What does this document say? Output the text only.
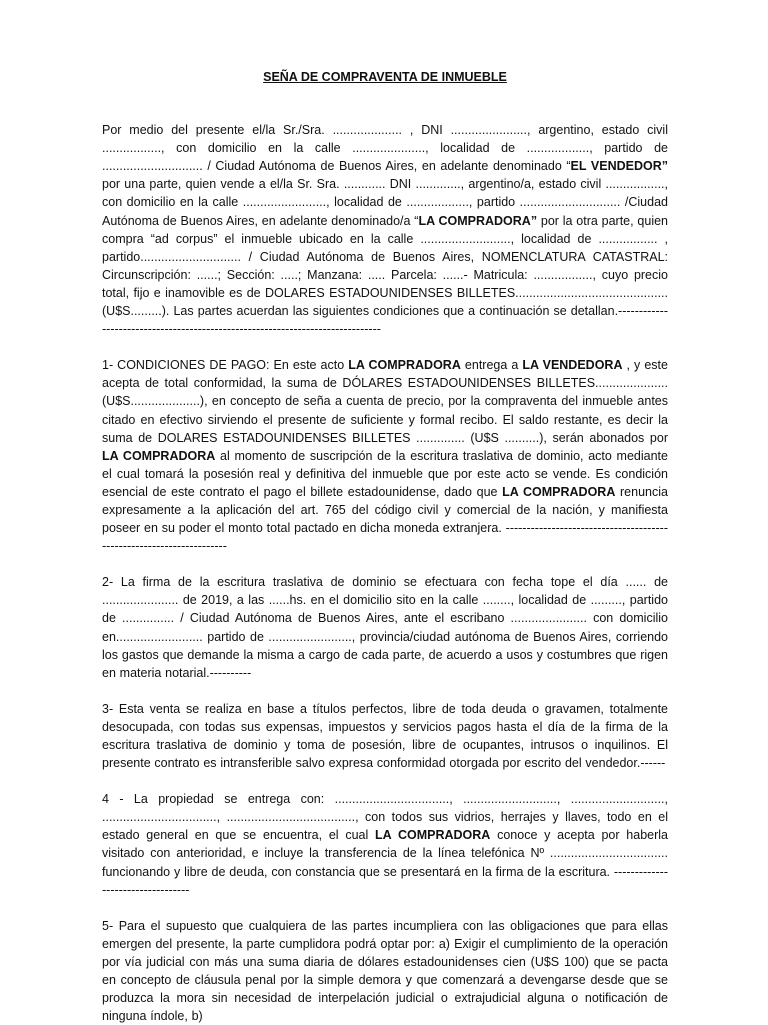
SEÑA DE COMPRAVENTA DE INMUEBLE
Por medio del presente el/la Sr./Sra. .................... , DNI ......................, argentino, estado civil ................., con domicilio en la calle ....................., localidad de .................., partido de ............................. / Ciudad Autónoma de Buenos Aires, en adelante denominado “EL VENDEDOR” por una parte, quien vende a el/la Sr. Sra. ............ DNI ............., argentino/a, estado civil ................., con domicilio en la calle ........................, localidad de .................., partido ............................. /Ciudad Autónoma de Buenos Aires, en adelante denominado/a “LA COMPRADORA” por la otra parte, quien compra “ad corpus” el inmueble ubicado en la calle .........................., localidad de ................. , partido............................. / Ciudad Autónoma de Buenos Aires, NOMENCLATURA CATASTRAL: Circunscripción: ......; Sección: .....; Manzana: ..... Parcela: ......- Matricula: ................., cuyo precio total, fijo e inamovible es de DOLARES ESTADOUNIDENSES BILLETES............................................ (U$S.........). Las partes acuerdan las siguientes condiciones que a continuación se detallan.-------------------------------------------------------------------------------
1- CONDICIONES DE PAGO: En este acto LA COMPRADORA entrega a LA VENDEDORA , y este acepta de total conformidad, la suma de DÓLARES ESTADOUNIDENSES BILLETES..................... (U$S....................), en concepto de seña a cuenta de precio, por la compraventa del inmueble antes citado en efectivo sirviendo el presente de suficiente y formal recibo. El saldo restante, es decir la suma de DOLARES ESTADOUNIDENSES BILLETES .............. (U$S ..........), serán abonados por LA COMPRADORA al momento de suscripción de la escritura traslativa de dominio, acto mediante el cual tomará la posesión real y definitiva del inmueble que por este acto se vende. Es condición esencial de este contrato el pago el billete estadounidense, dado que LA COMPRADORA renuncia expresamente a la aplicación del art. 765 del código civil y comercial de la nación, y manifiesta poseer en su poder el monto total pactado en dicha moneda extranjera. ---------------------------------------------------------------------
2- La firma de la escritura traslativa de dominio se efectuara con fecha tope el día ...... de ...................... de 2019, a las ......hs. en el domicilio sito en la calle ........, localidad de ........., partido de ............... / Ciudad Autónoma de Buenos Aires, ante el escribano ...................... con domicilio en......................... partido de ........................, provincia/ciudad autónoma de Buenos Aires, corriendo los gastos que demande la misma a cargo de cada parte, de acuerdo a usos y costumbres que rigen en materia notarial.----------
3- Esta venta se realiza en base a títulos perfectos, libre de toda deuda o gravamen, totalmente desocupada, con todas sus expensas, impuestos y servicios pagos hasta el día de la firma de la escritura traslativa de dominio y toma de posesión, libre de ocupantes, intrusos o inquilinos. El presente contrato es intransferible salvo expresa conformidad otorgada por escrito del vendedor.------
4 - La propiedad se entrega con: ................................., ..........................., ..........................., ................................., ....................................., con todos sus vidrios, herrajes y llaves, todo en el estado general en que se encuentra, el cual LA COMPRADORA conoce y acepta por haberla visitado con anterioridad, e incluye la transferencia de la línea telefónica Nº .................................. funcionando y libre de deuda, con constancia que se presentará en la firma de la escritura. ----------------------------------
5- Para el supuesto que cualquiera de las partes incumpliera con las obligaciones que para ellas emergen del presente, la parte cumplidora podrá optar por: a) Exigir el cumplimiento de la operación por vía judicial con más una suma diaria de dólares estadounidenses cien (U$S 100) que se pacta en concepto de cláusula penal por la simple demora y que comenzará a devengarse desde que se produzca la mora sin necesidad de interpelación judicial o extrajudicial alguna o notificación de ninguna índole, b)
